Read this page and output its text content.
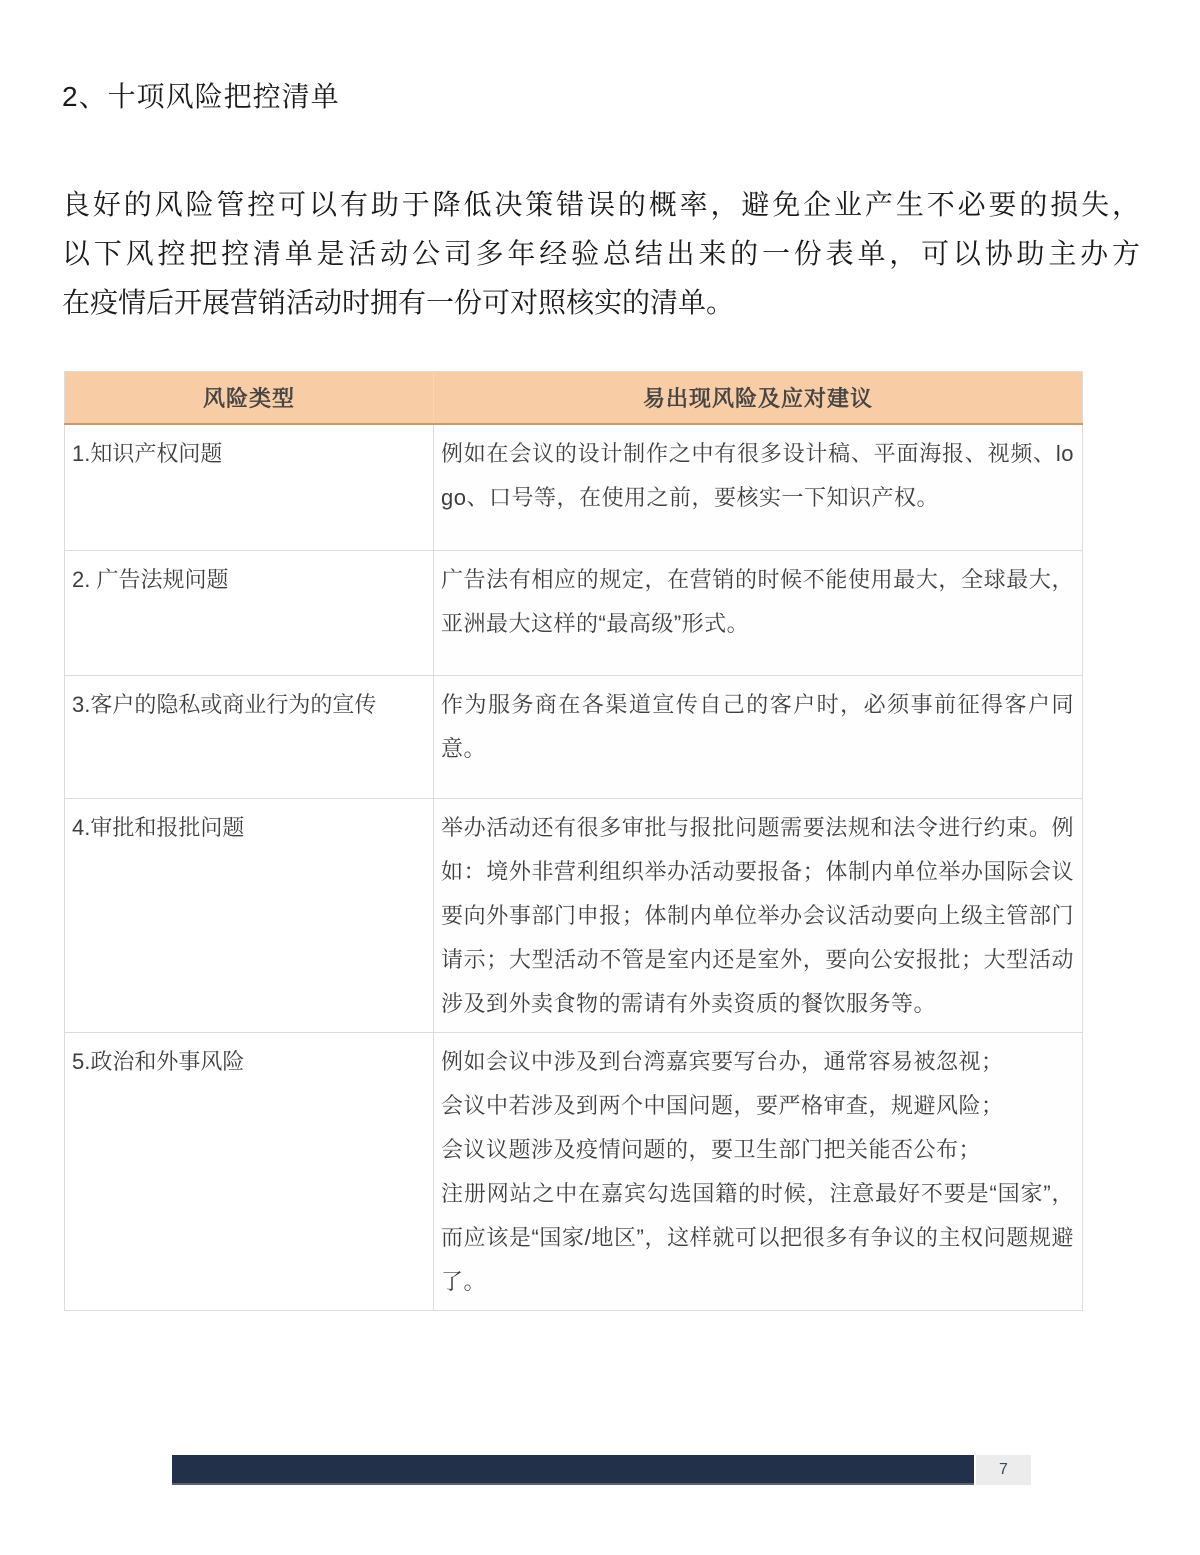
2、十项风险把控清单
良好的风险管控可以有助于降低决策错误的概率，避免企业产生不必要的损失，
以下风控把控清单是活动公司多年经验总结出来的一份表单，可以协助主办方
在疫情后开展营销活动时拥有一份可对照核实的清单。
风险类型	易出现风险及应对建议
1.知识产权问题	例如在会议的设计制作之中有很多设计稿、平面海报、视频、logo、口号等，在使用之前，要核实一下知识产权。

2. 广告法规问题	广告法有相应的规定，在营销的时候不能使用最大，全球最大，亚洲最大这样的“最高级”形式。

3.客户的隐私或商业行为的宣传	作为服务商在各渠道宣传自己的客户时，必须事前征得客户同意。

4.审批和报批问题	举办活动还有很多审批与报批问题需要法规和法令进行约束。例如：境外非营利组织举办活动要报备；体制内单位举办国际会议要向外事部门申报；体制内单位举办会议活动要向上级主管部门请示；大型活动不管是室内还是室外，要向公安报批；大型活动涉及到外卖食物的需请有外卖资质的餐饮服务等。

5.政治和外事风险	例如会议中涉及到台湾嘉宾要写台办，通常容易被忽视；
会议中若涉及到两个中国问题，要严格审查，规避风险；
会议议题涉及疫情问题的，要卫生部门把关能否公布；
注册网站之中在嘉宾勾选国籍的时候，注意最好不要是“国家”，而应该是“国家/地区”，这样就可以把很多有争议的主权问题规避了。
7
